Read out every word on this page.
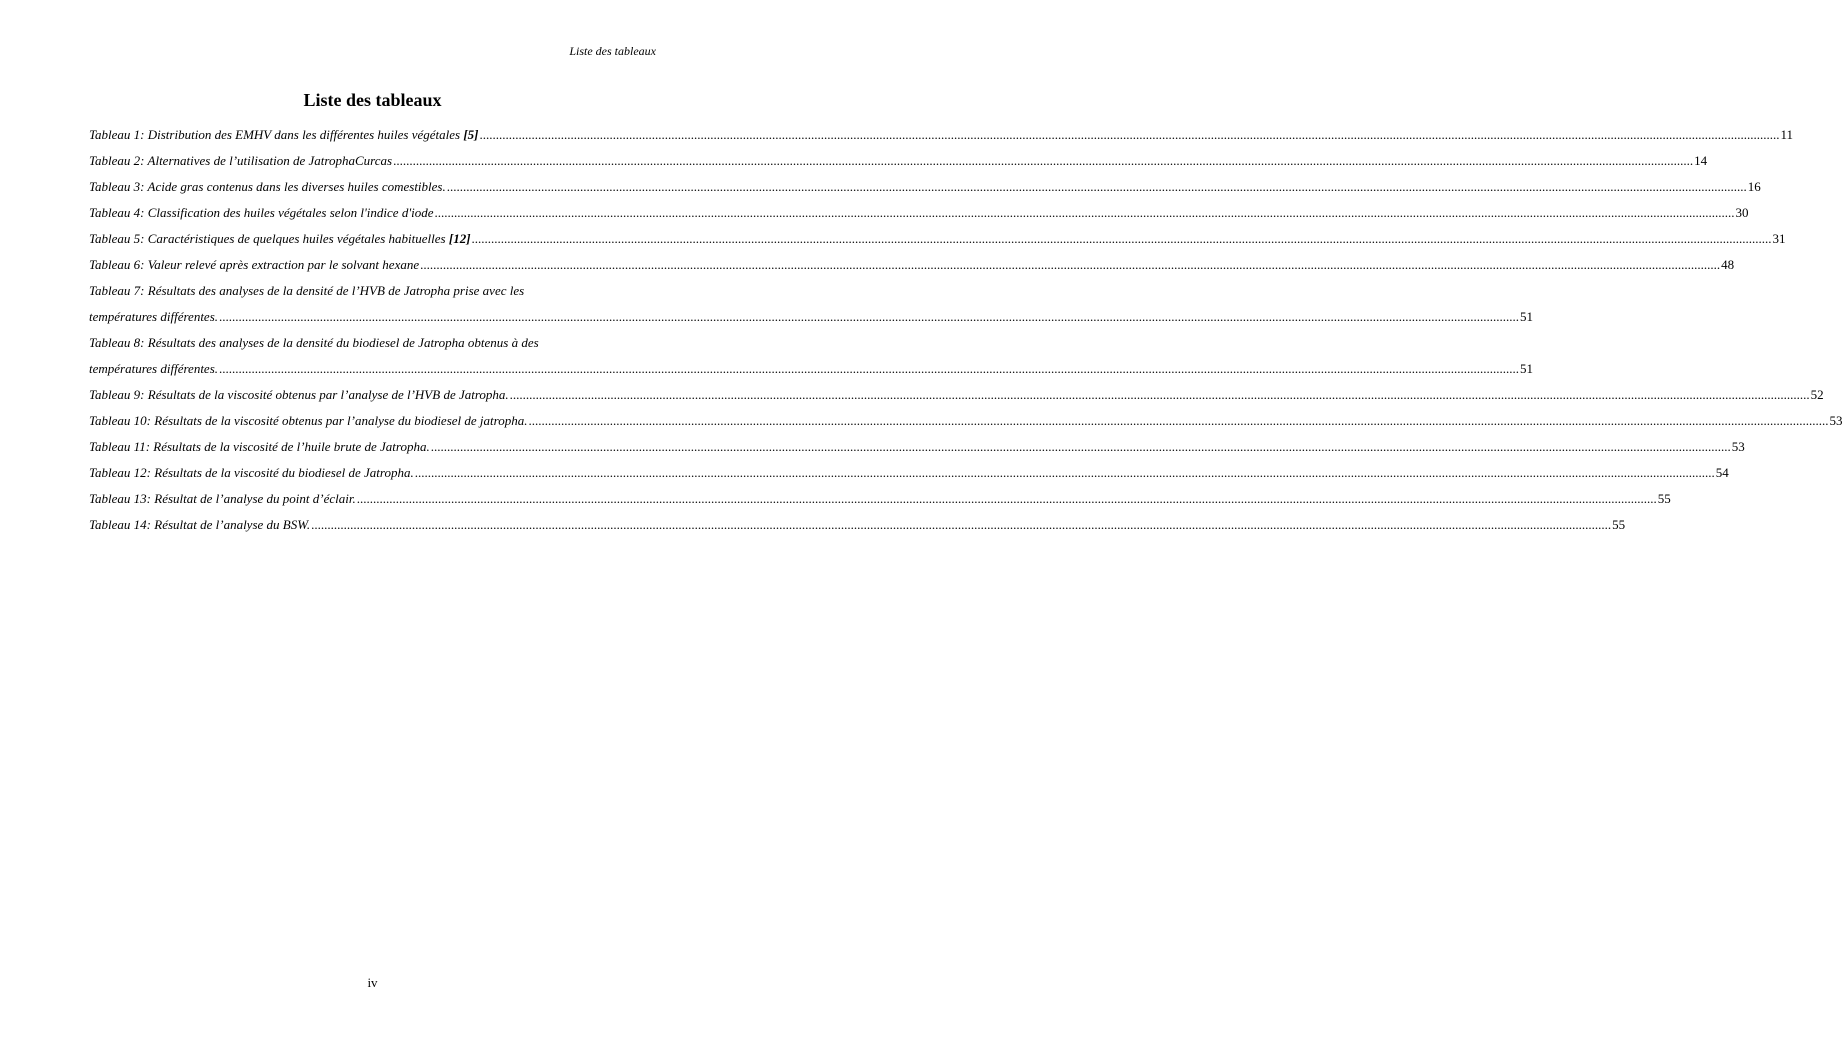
Liste des tableaux
Liste des tableaux
Tableau 1: Distribution des EMHV dans les différentes huiles végétales [5] ................................................................................................................................................................................................................................................................................................................................................................................................................ 11
Tableau 2: Alternatives de l’utilisation de JatrophaCurcas ................................................................................................................................................................................................................................................................................................................................................................................................................ 14
Tableau 3: Acide gras contenus dans les diverses huiles comestibles. ................................................................................................................................................................................................................................................................................................................................................................................................................ 16
Tableau 4: Classification des huiles végétales selon l'indice d'iode ................................................................................................................................................................................................................................................................................................................................................................................................................ 30
Tableau 5: Caractéristiques de quelques huiles végétales habituelles [12] ................................................................................................................................................................................................................................................................................................................................................................................................................ 31
Tableau 6: Valeur relevé après extraction par le solvant hexane ................................................................................................................................................................................................................................................................................................................................................................................................................ 48
Tableau 7: Résultats des analyses de la densité de l’HVB de Jatropha prise avec les
températures différentes. ................................................................................................................................................................................................................................................................................................................................................................................................................ 51
Tableau 8: Résultats des analyses de la densité du biodiesel de Jatropha obtenus à des
températures différentes. ................................................................................................................................................................................................................................................................................................................................................................................................................ 51
Tableau 9: Résultats de la viscosité obtenus par l’analyse de l’HVB de Jatropha. ................................................................................................................................................................................................................................................................................................................................................................................................................ 52
Tableau 10: Résultats de la viscosité obtenus par l’analyse du biodiesel de jatropha. ................................................................................................................................................................................................................................................................................................................................................................................................................ 53
Tableau 11: Résultats de la viscosité de l’huile brute de Jatropha. ................................................................................................................................................................................................................................................................................................................................................................................................................ 53
Tableau 12: Résultats de la viscosité du biodiesel de Jatropha. ................................................................................................................................................................................................................................................................................................................................................................................................................ 54
Tableau 13: Résultat de l’analyse du point d’éclair. ................................................................................................................................................................................................................................................................................................................................................................................................................ 55
Tableau 14: Résultat de l’analyse du BSW. ................................................................................................................................................................................................................................................................................................................................................................................................................ 55
iv
